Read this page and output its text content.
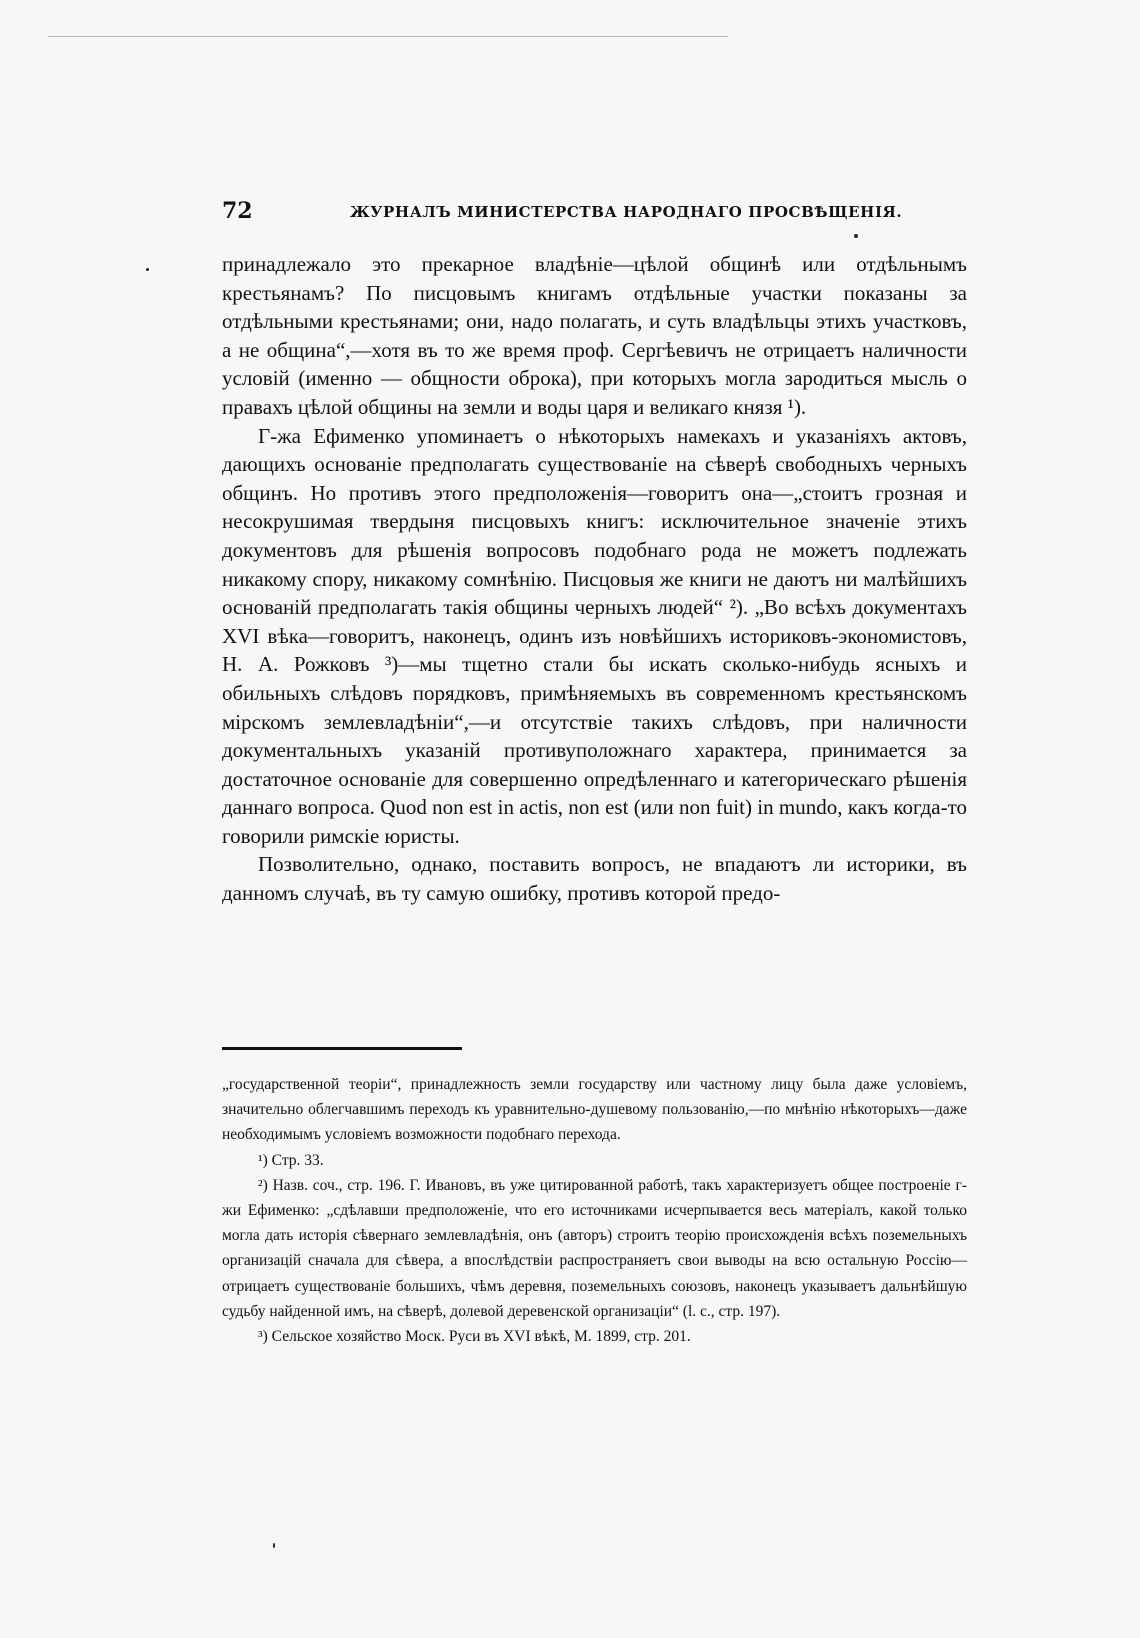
72	ЖУРНАЛЪ МИНИСТЕРСТВА НАРОДНАГО ПРОСВѢЩЕНІЯ.

принадлежало это прекарное владѣніе—цѣлой общинѣ или отдѣльнымъ крестьянамъ? По писцовымъ книгамъ отдѣльные участки показаны за отдѣльными крестьянами; они, надо полагать, и суть владѣльцы этихъ участковъ, а не община“,—хотя въ то же время проф. Сергѣевичъ не отрицаетъ наличности условій (именно — общности оброка), при которыхъ могла зародиться мысль о правахъ цѣлой общины на земли и воды царя и великаго князя ¹).

Г-жа Ефименко упоминаетъ о нѣкоторыхъ намекахъ и указаніяхъ актовъ, дающихъ основаніе предполагать существованіе на сѣверѣ свободныхъ черныхъ общинъ. Но противъ этого предположенія—говоритъ она—„стоитъ грозная и несокрушимая твердыня писцовыхъ книгъ: исключительное значеніе этихъ документовъ для рѣшенія вопросовъ подобнаго рода не можетъ подлежать никакому спору, никакому сомнѣнію. Писцовыя же книги не даютъ ни малѣйшихъ основаній предполагать такія общины черныхъ людей“ ²). „Во всѣхъ документахъ XVI вѣка—говоритъ, наконецъ, одинъ изъ новѣйшихъ историковъ-экономистовъ, Н. А. Рожковъ ³)—мы тщетно стали бы искать сколько-нибудь ясныхъ и обильныхъ слѣдовъ порядковъ, примѣняемыхъ въ современномъ крестьянскомъ мірскомъ землевладѣніи“,—и отсутствіе такихъ слѣдовъ, при наличности документальныхъ указаній противуположнаго характера, принимается за достаточное основаніе для совершенно опредѣленнаго и категорическаго рѣшенія даннаго вопроса. Quod non est in actis, non est (или non fuit) in mundo, какъ когда-то говорили римскіе юристы.

Позволительно, однако, поставить вопросъ, не впадаютъ ли историки, въ данномъ случаѣ, въ ту самую ошибку, противъ которой предо-

„государственной теоріи“, принадлежность земли государству или частному лицу была даже условіемъ, значительно облегчавшимъ переходъ къ уравнительно-душевому пользованію,—по мнѣнію нѣкоторыхъ—даже необходимымъ условіемъ возможности подобнаго перехода.

¹) Стр. 33.

²) Назв. соч., стр. 196. Г. Ивановъ, въ уже цитированной работѣ, такъ характеризуетъ общее построеніе г-жи Ефименко: „сдѣлавши предположеніе, что его источниками исчерпывается весь матеріалъ, какой только могла дать исторія сѣвернаго землевладѣнія, онъ (авторъ) строитъ теорію происхожденія всѣхъ поземельныхъ организацій сначала для сѣвера, а впослѣдствіи распространяетъ свои выводы на всю остальную Россію—отрицаетъ существованіе большихъ, чѣмъ деревня, поземельныхъ союзовъ, наконецъ указываетъ дальнѣйшую судьбу найденной имъ, на сѣверѣ, долевой деревенской организаціи“ (l. c., стр. 197).

³) Сельское хозяйство Моск. Руси въ XVI вѣкѣ, М. 1899, стр. 201.
